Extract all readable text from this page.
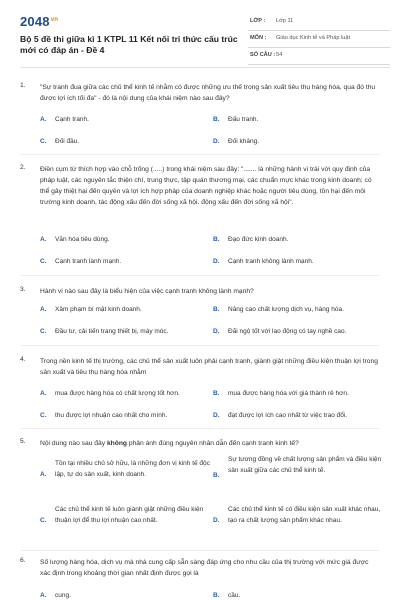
$2048^{vn}$
Bộ 5 đề thi giữa kì 1 KTPL 11 Kết nối tri thức cấu trúc mới có đáp án - Đề 4
LỚP : Lớp 11
MÔN : Giáo dục Kinh tế và Pháp luật
SỐ CÂU : 54
1. "Sự tranh đua giữa các chủ thể kinh tế nhằm có được những ưu thế trong sản xuất tiêu thụ hàng hóa, qua đó thu được lợi ích tối đa" - đó là nội dung của khái niệm nào sau đây?
A. Cạnh tranh.	B. Đấu tranh.
C. Đối đầu.	D. Đối kháng.
2. Điền cụm từ thích hợp vào chỗ trống (.....) trong khái niệm sau đây: "....... là những hành vi trái với quy định của pháp luật, các nguyên tắc thiện chí, trung thực, tập quán thương mại, các chuẩn mực khác trong kinh doanh; có thể gây thiệt hại đến quyền và lợi ích hợp pháp của doanh nghiệp khác hoặc người tiêu dùng, tồn hại đến môi trường kinh doanh, tác động xấu đến đời sống xã hội. động xấu đến đời sống xã hội".
A. Văn hóa tiêu dùng.	B. Đạo đức kinh doanh.
C. Cạnh tranh lành mạnh.	D. Cạnh tranh không lành mạnh.
3. Hành vi nào sau đây là biểu hiện của việc cạnh tranh không lành mạnh?
A. Xâm phạm bí mật kinh doanh.	B. Nâng cao chất lượng dịch vụ, hàng hóa.
C. Đầu tư, cải tiến trang thiết bị, máy móc.	D. Đãi ngộ tốt với lao động có tay nghề cao.
4. Trong nền kinh tế thị trường, các chủ thể sản xuất luôn phải cạnh tranh, giành giật những điều kiện thuận lợi trong sản xuất và tiêu thụ hàng hóa nhằm
A. mua được hàng hóa có chất lượng tốt hơn.	B. mua được hàng hóa với giá thành rẻ hơn.
C. thu được lợi nhuận cao nhất cho mình.	D. đạt được lợi ích cao nhất từ việc trao đổi.
5. Nội dung nào sau đây không phản ánh đúng nguyên nhân dẫn đến cạnh tranh kinh tế?
A.
Tồn tại nhiều chủ sở hữu, là những đơn vị kinh tế độc lập, tự do sản xuất, kinh doanh.	B.
Sự tương đồng về chất lượng sản phẩm và điều kiện sản xuất giữa các chủ thể kinh tế.
C.
Các chủ thể kinh tế luôn giành giật những điều kiện thuận lợi để thu lợi nhuận cao nhất.	D.
Các chủ thể kinh tế có điều kiện sản xuất khác nhau, tạo ra chất lượng sản phẩm khác nhau.
6. Số lượng hàng hóa, dịch vụ mà nhà cung cấp sẵn sàng đáp ứng cho nhu cầu của thị trường với mức giá được xác định trong khoảng thời gian nhất định được gọi là
A. cung.	B. cầu.
